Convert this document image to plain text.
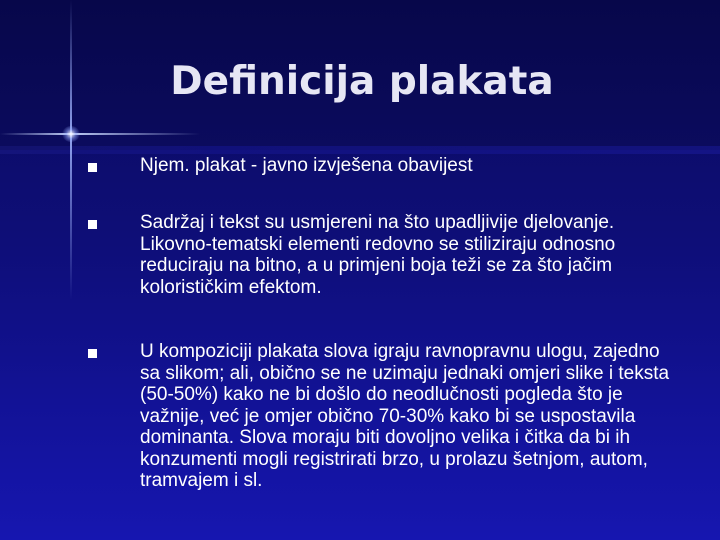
Definicija plakata
Njem. plakat - javno izvješena obavijest
Sadržaj i tekst su usmjereni na što upadljivije djelovanje. Likovno-tematski elementi redovno se stiliziraju odnosno reduciraju na bitno, a u primjeni boja teži se za što jačim kolorističkim efektom.
U kompoziciji plakata slova igraju ravnopravnu ulogu, zajedno sa slikom; ali, obično se ne uzimaju jednaki omjeri slike i teksta (50-50%) kako ne bi došlo do neodlučnosti pogleda što je važnije, već je omjer obično 70-30% kako bi se uspostavila dominanta. Slova moraju biti dovoljno velika i čitka da bi ih konzumenti mogli registrirati brzo, u prolazu šetnjom, autom, tramvajem i sl.
